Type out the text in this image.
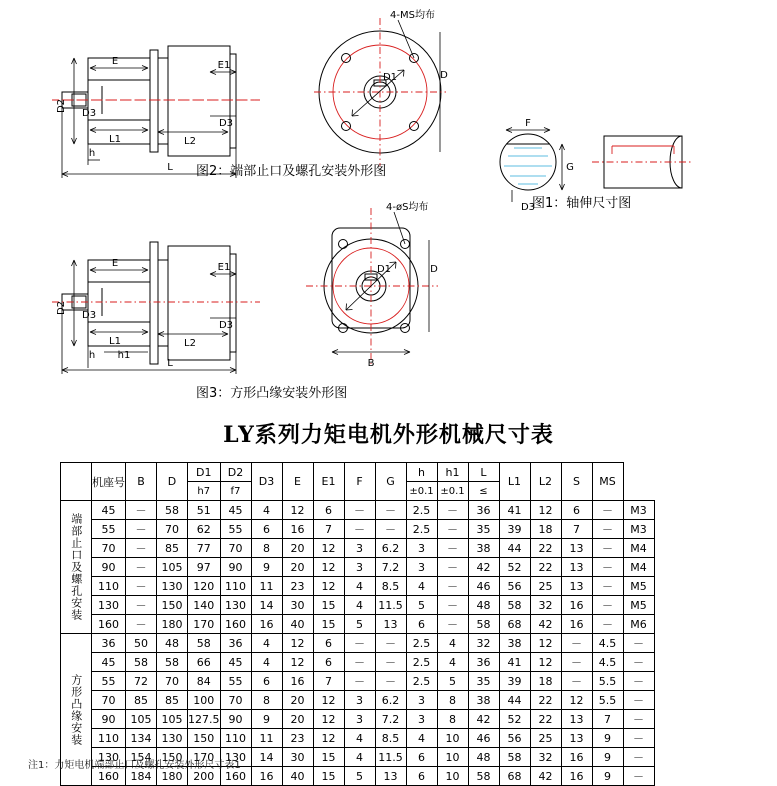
D2
D3
E
L1	L2
E1
D3
h
L
D1	D
4-MS均布
图2：端部止口及螺孔安装外形图
F
G
D3
图1：轴伸尺寸图
D2
D3
E
L1	L2
E1
D3
h h1
L
D1	D
B
4-øS均布
图3：方形凸缘安装外形图
LY系列力矩电机外形机械尺寸表
	机座号	B	D	D1	D2	D3	E	E1	F	G	h	h1	L	L1	L2	S	MS	
				h7	f7						±0.1	±0.1	≤					

端部止口及螺孔安装	45	－	58	51	45	4	12	6	－	－	2.5	－	36	41	12	6	－	M3
	55	－	70	62	55	6	16	7	－	－	2.5	－	35	39	18	7	－	M3
	70	－	85	77	70	8	20	12	3	6.2	3	－	38	44	22	13	－	M4
	90	－	105	97	90	9	20	12	3	7.2	3	－	42	52	22	13	－	M4
	110	－	130	120	110	11	23	12	4	8.5	4	－	46	56	25	13	－	M5
	130	－	150	140	130	14	30	15	4	11.5	5	－	48	58	32	16	－	M5
	160	－	180	170	160	16	40	15	5	13	6	－	58	68	42	16	－	M6

方形凸缘安装	36	50	48	58	36	4	12	6	－	－	2.5	4	32	38	12	－	4.5	－
	45	58	58	66	45	4	12	6	－	－	2.5	4	36	41	12	－	4.5	－
	55	72	70	84	55	6	16	7	－	－	2.5	5	35	39	18	－	5.5	－
	70	85	85	100	70	8	20	12	3	6.2	3	8	38	44	22	12	5.5	－
	90	105	105	127.5	90	9	20	12	3	7.2	3	8	42	52	22	13	7	－
	110	134	130	150	110	11	23	12	4	8.5	4	10	46	56	25	13	9	－
	130	154	150	170	130	14	30	15	4	11.5	6	10	48	58	32	16	9	－
	160	184	180	200	160	16	40	15	5	13	6	10	58	68	42	16	9	－
注1：力矩电机端部止口及螺孔安装外形尺寸表1
